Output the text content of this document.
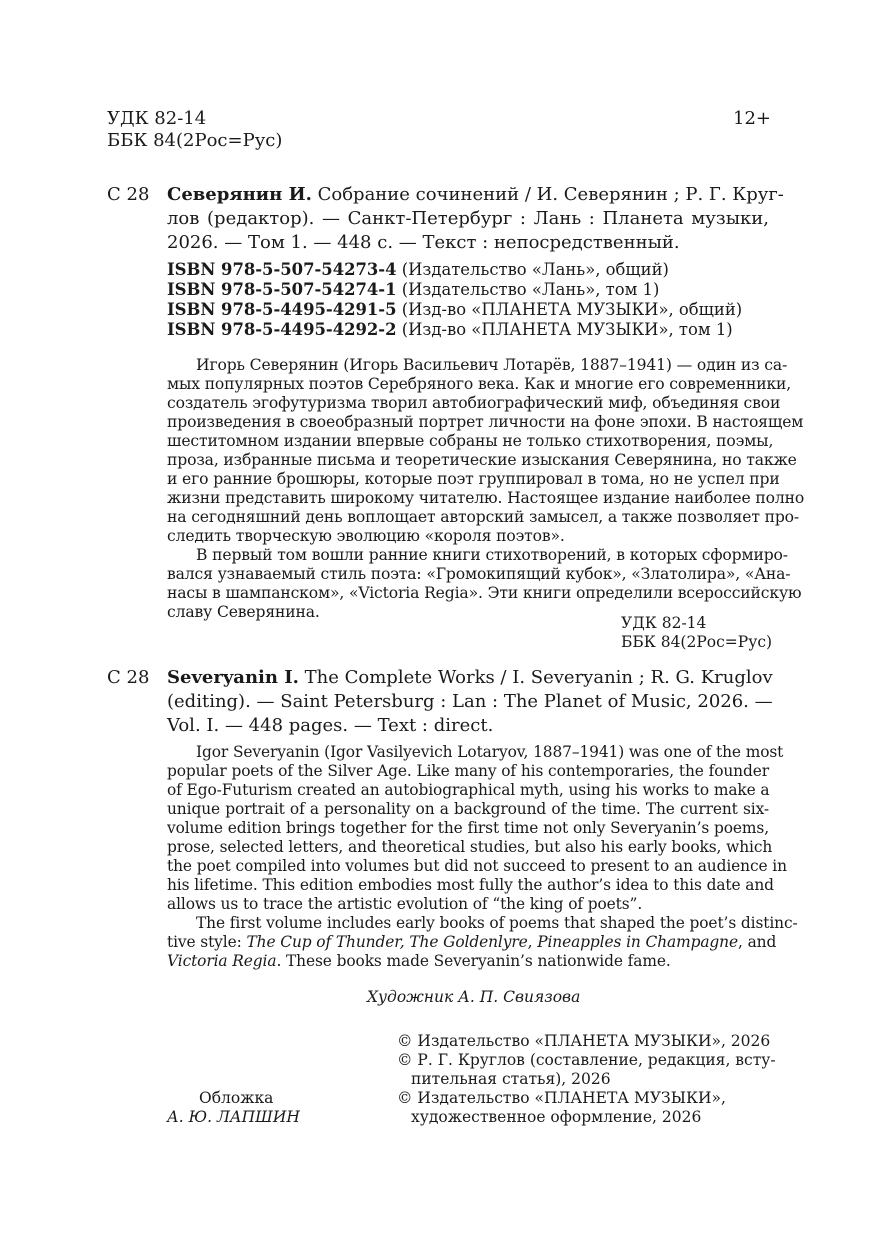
УДК 82-14
ББК 84(2Рос=Рус)
12+
С 28 Северянин И. Собрание сочинений / И. Северянин ; Р. Г. Круг-
лов (редактор). — Санкт-Петербург : Лань : Планета музыки,
2026. — Том 1. — 448 с. — Текст : непосредственный.
ISBN 978-5-507-54273-4 (Издательство «Лань», общий)
ISBN 978-5-507-54274-1 (Издательство «Лань», том 1)
ISBN 978-5-4495-4291-5 (Изд-во «ПЛАНЕТА МУЗЫКИ», общий)
ISBN 978-5-4495-4292-2 (Изд-во «ПЛАНЕТА МУЗЫКИ», том 1)
Игорь Северянин (Игорь Васильевич Лотарёв, 1887–1941) — один из са-
мых популярных поэтов Серебряного века. Как и многие его современники,
создатель эгофутуризма творил автобиографический миф, объединяя свои
произведения в своеобразный портрет личности на фоне эпохи. В настоящем
шеститомном издании впервые собраны не только стихотворения, поэмы,
проза, избранные письма и теоретические изыскания Северянина, но также
и его ранние брошюры, которые поэт группировал в тома, но не успел при
жизни представить широкому читателю. Настоящее издание наиболее полно
на сегодняшний день воплощает авторский замысел, а также позволяет про-
следить творческую эволюцию «короля поэтов».
В первый том вошли ранние книги стихотворений, в которых сформиро-
вался узнаваемый стиль поэта: «Громокипящий кубок», «Златолира», «Ана-
насы в шампанском», «Victoria Regia». Эти книги определили всероссийскую
славу Северянина.
УДК 82-14
ББК 84(2Рос=Рус)
С 28 Severyanin I. The Complete Works / I. Severyanin ; R. G. Kruglov
(editing). — Saint Petersburg : Lan : The Planet of Music, 2026. —
Vol. I. — 448 pages. — Text : direct.
Igor Severyanin (Igor Vasilyevich Lotaryov, 1887–1941) was one of the most
popular poets of the Silver Age. Like many of his contemporaries, the founder
of Ego-Futurism created an autobiographical myth, using his works to make a
unique portrait of a personality on a background of the time. The current six-
volume edition brings together for the first time not only Severyanin’s poems,
prose, selected letters, and theoretical studies, but also his early books, which
the poet compiled into volumes but did not succeed to present to an audience in
his lifetime. This edition embodies most fully the author’s idea to this date and
allows us to trace the artistic evolution of “the king of poets”.
The first volume includes early books of poems that shaped the poet’s distinc-
tive style: The Cup of Thunder, The Goldenlyre, Pineapples in Champagne, and
Victoria Regia. These books made Severyanin’s nationwide fame.
Художник А. П. Свиязова
Обложка
А. Ю. ЛАПШИН
© Издательство «ПЛАНЕТА МУЗЫКИ», 2026
© Р. Г. Круглов (составление, редакция, всту-
пительная статья), 2026
© Издательство «ПЛАНЕТА МУЗЫКИ»,
художественное оформление, 2026
